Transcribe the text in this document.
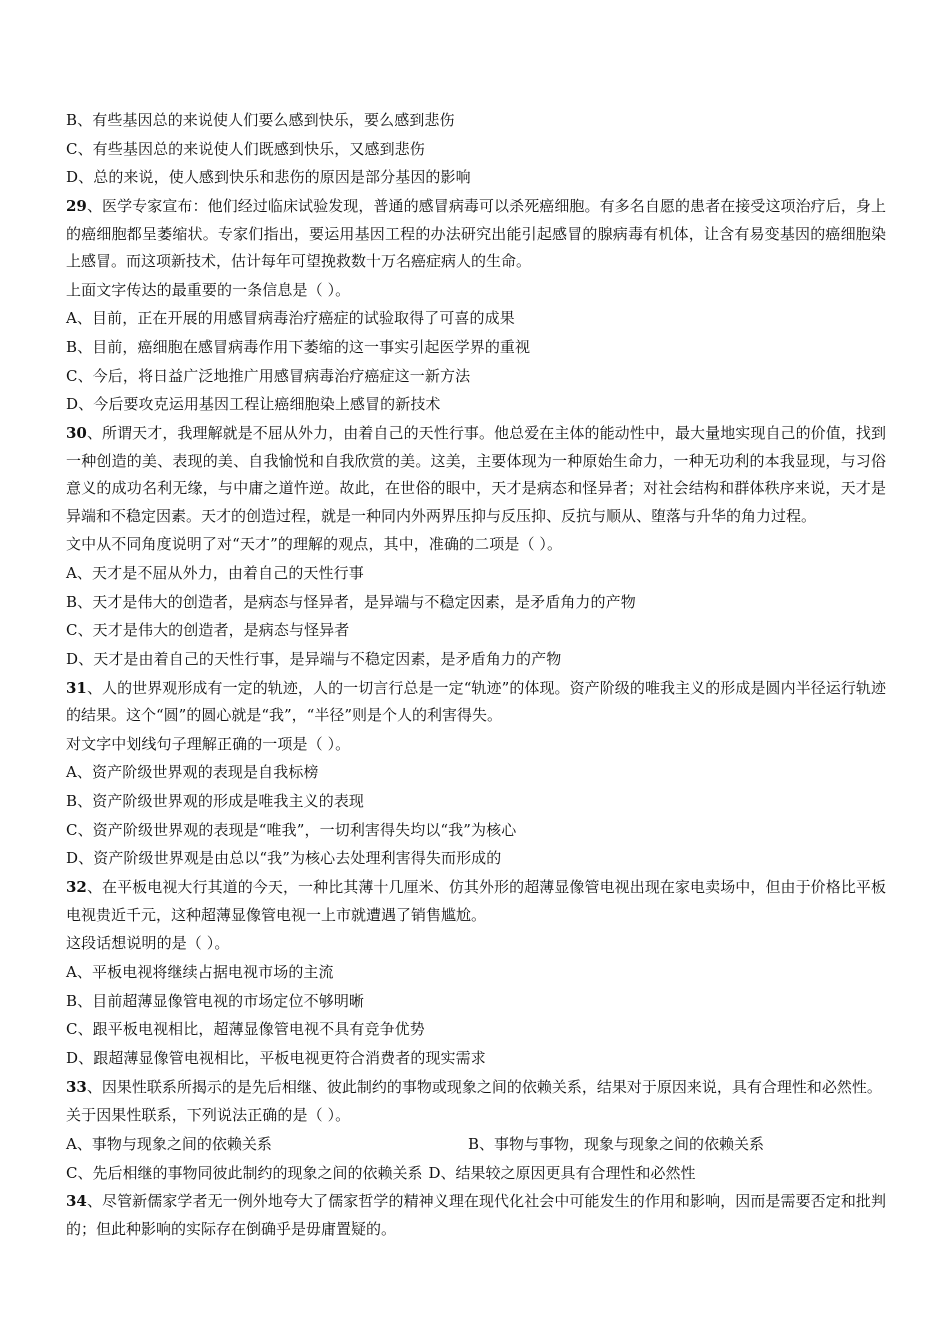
B、有些基因总的来说使人们要么感到快乐，要么感到悲伤
C、有些基因总的来说使人们既感到快乐，又感到悲伤
D、总的来说，使人感到快乐和悲伤的原因是部分基因的影响
29、医学专家宣布：他们经过临床试验发现，普通的感冒病毒可以杀死癌细胞。有多名自愿的患者在接受这项治疗后，身上的癌细胞都呈萎缩状。专家们指出，要运用基因工程的办法研究出能引起感冒的腺病毒有机体，让含有易变基因的癌细胞染上感冒。而这项新技术，估计每年可望挽救数十万名癌症病人的生命。
上面文字传达的最重要的一条信息是（ ）。
A、目前，正在开展的用感冒病毒治疗癌症的试验取得了可喜的成果
B、目前，癌细胞在感冒病毒作用下萎缩的这一事实引起医学界的重视
C、今后，将日益广泛地推广用感冒病毒治疗癌症这一新方法
D、今后要攻克运用基因工程让癌细胞染上感冒的新技术
30、所谓天才，我理解就是不屈从外力，由着自己的天性行事。他总爱在主体的能动性中，最大量地实现自己的价值，找到一种创造的美、表现的美、自我愉悦和自我欣赏的美。这美，主要体现为一种原始生命力，一种无功利的本我显现，与习俗意义的成功名利无缘，与中庸之道忤逆。故此，在世俗的眼中，天才是病态和怪异者；对社会结构和群体秩序来说，天才是异端和不稳定因素。天才的创造过程，就是一种同内外两界压抑与反压抑、反抗与顺从、堕落与升华的角力过程。
文中从不同角度说明了对“天才”的理解的观点，其中，准确的二项是（ ）。
A、天才是不屈从外力，由着自己的天性行事
B、天才是伟大的创造者，是病态与怪异者，是异端与不稳定因素，是矛盾角力的产物
C、天才是伟大的创造者，是病态与怪异者
D、天才是由着自己的天性行事，是异端与不稳定因素，是矛盾角力的产物
31、人的世界观形成有一定的轨迹，人的一切言行总是一定“轨迹”的体现。资产阶级的唯我主义的形成是圆内半径运行轨迹的结果。这个“圆”的圆心就是“我”，“半径”则是个人的利害得失。
对文字中划线句子理解正确的一项是（ ）。
A、资产阶级世界观的表现是自我标榜
B、资产阶级世界观的形成是唯我主义的表现
C、资产阶级世界观的表现是“唯我”，一切利害得失均以“我”为核心
D、资产阶级世界观是由总以“我”为核心去处理利害得失而形成的
32、在平板电视大行其道的今天，一种比其薄十几厘米、仿其外形的超薄显像管电视出现在家电卖场中，但由于价格比平板电视贵近千元，这种超薄显像管电视一上市就遭遇了销售尴尬。
这段话想说明的是（ ）。
A、平板电视将继续占据电视市场的主流
B、目前超薄显像管电视的市场定位不够明晰
C、跟平板电视相比，超薄显像管电视不具有竞争优势
D、跟超薄显像管电视相比，平板电视更符合消费者的现实需求
33、因果性联系所揭示的是先后相继、彼此制约的事物或现象之间的依赖关系，结果对于原因来说，具有合理性和必然性。
关于因果性联系，下列说法正确的是（ ）。
A、事物与现象之间的依赖关系	B、事物与事物，现象与现象之间的依赖关系
C、先后相继的事物同彼此制约的现象之间的依赖关系 D、结果较之原因更具有合理性和必然性
34、尽管新儒家学者无一例外地夸大了儒家哲学的精神义理在现代化社会中可能发生的作用和影响，因而是需要否定和批判的；但此种影响的实际存在倒确乎是毋庸置疑的。
